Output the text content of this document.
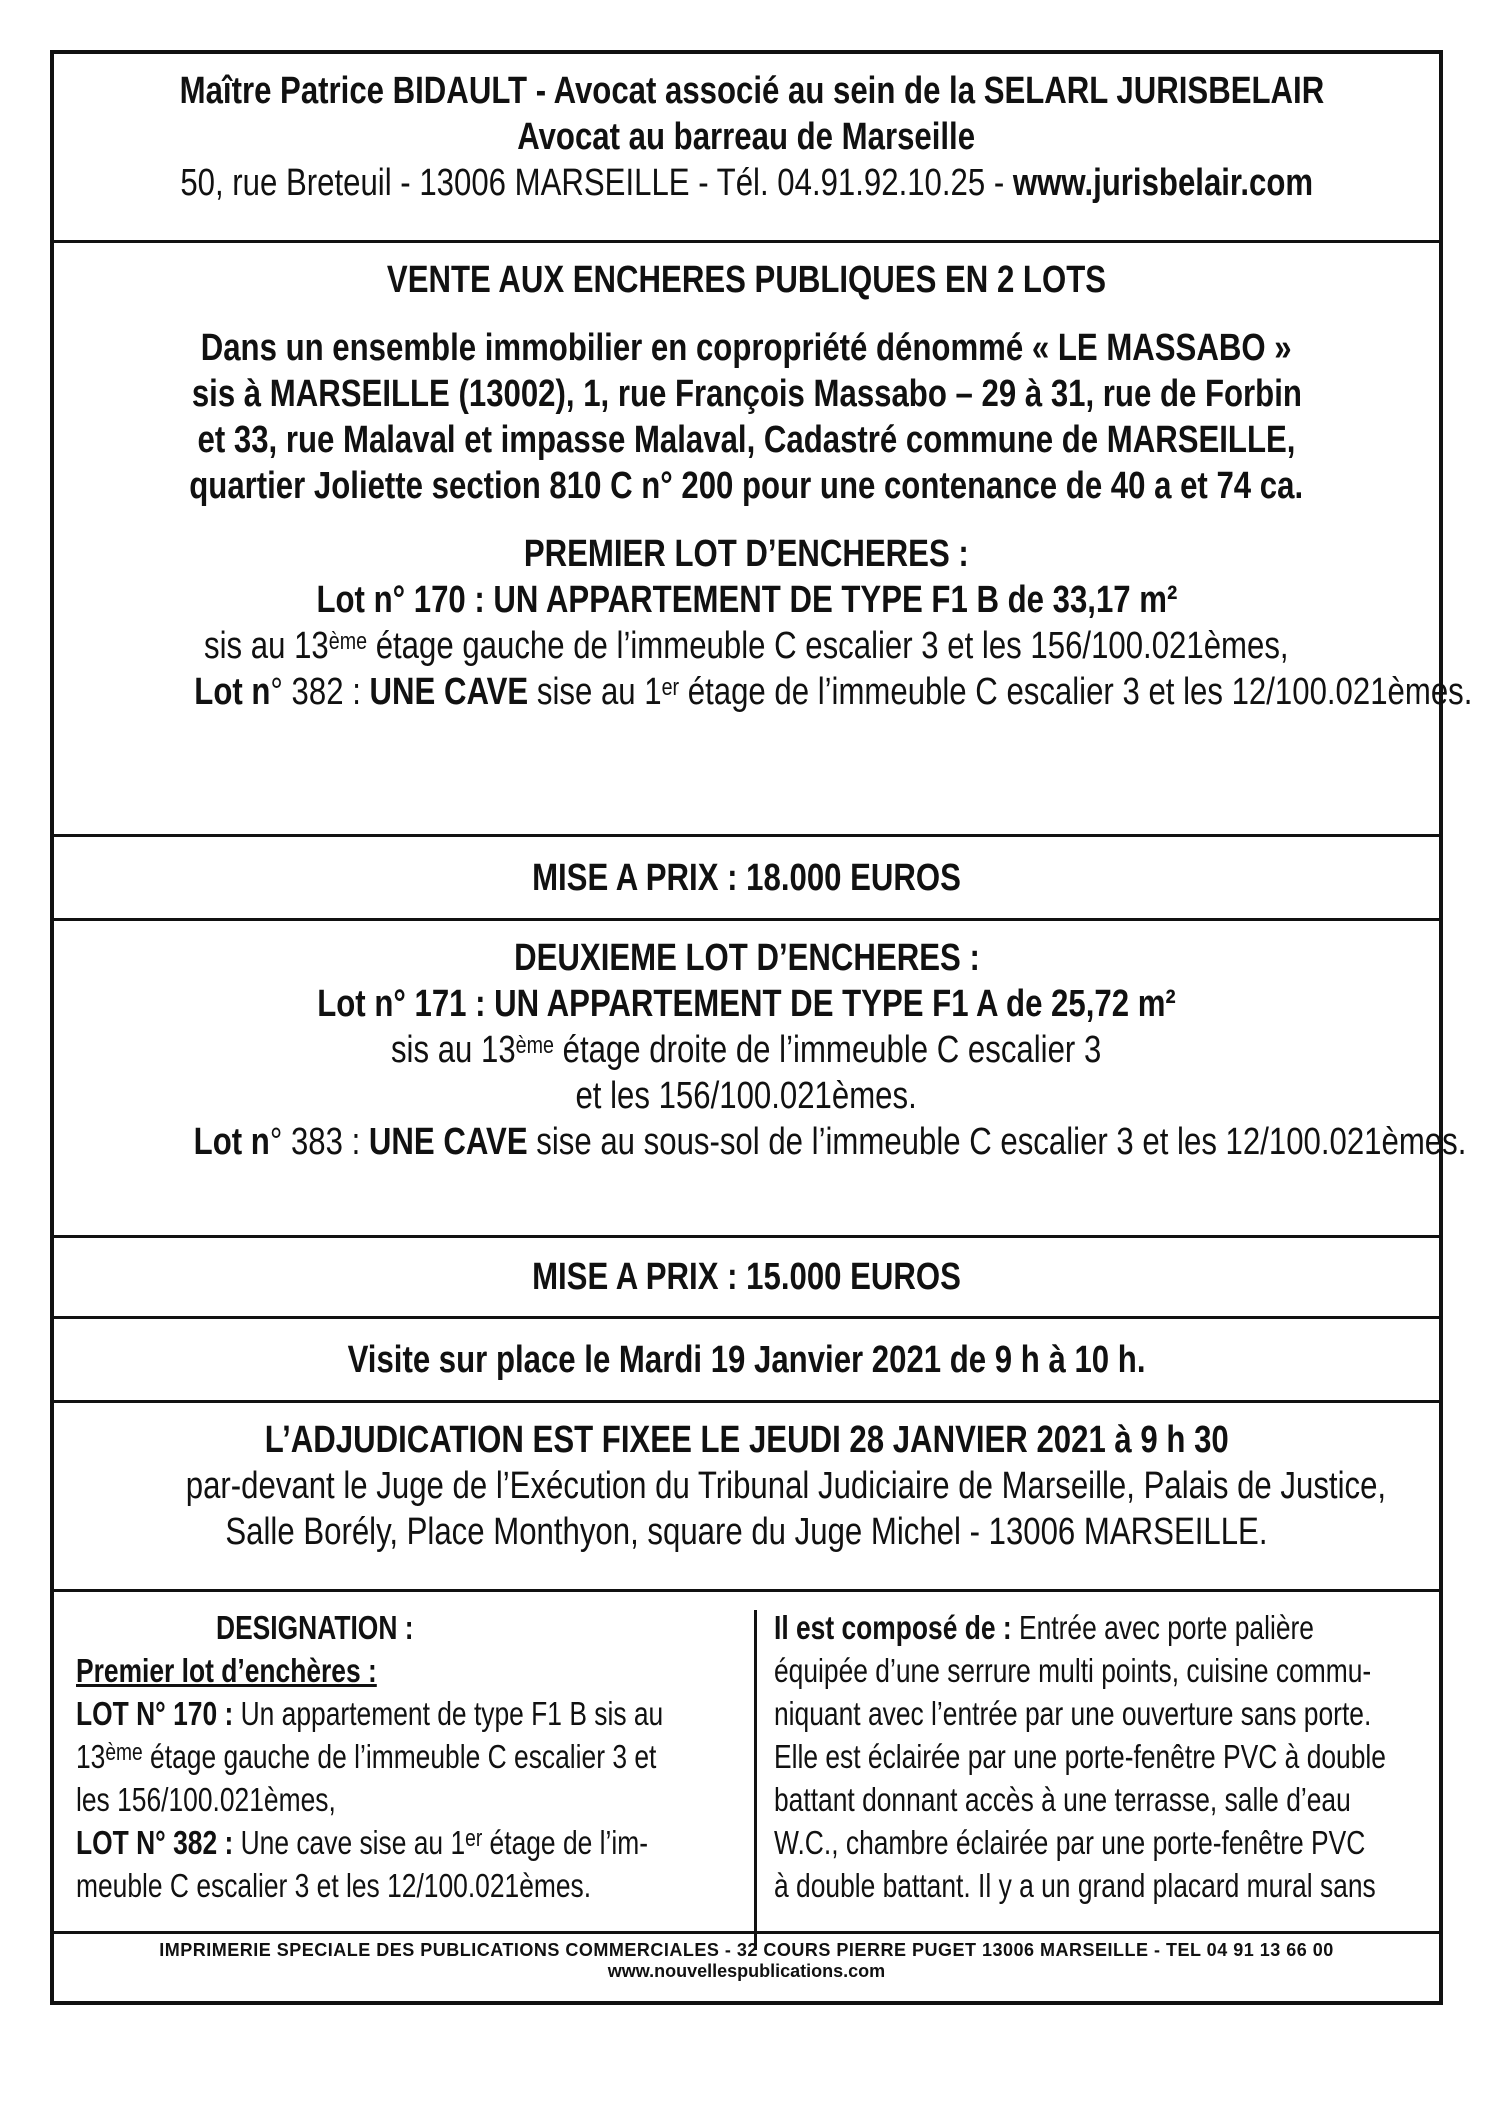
Maître Patrice BIDAULT - Avocat associé au sein de la SELARL JURISBELAIR
Avocat au barreau de Marseille
50, rue Breteuil - 13006 MARSEILLE - Tél. 04.91.92.10.25 - www.jurisbelair.com
VENTE AUX ENCHERES PUBLIQUES EN 2 LOTS
Dans un ensemble immobilier en copropriété dénommé « LE MASSABO »
sis à MARSEILLE (13002), 1, rue François Massabo – 29 à 31, rue de Forbin
et 33, rue Malaval et impasse Malaval, Cadastré commune de MARSEILLE,
quartier Joliette section 810 C n° 200 pour une contenance de 40 a et 74 ca.
PREMIER LOT D’ENCHERES :
Lot n° 170 : UN APPARTEMENT DE TYPE F1 B de 33,17 m²
sis au 13ème étage gauche de l’immeuble C escalier 3 et les 156/100.021èmes,
Lot n° 382 : UNE CAVE sise au 1er étage de l’immeuble C escalier 3 et les 12/100.021èmes.
MISE A PRIX : 18.000 EUROS
DEUXIEME LOT D’ENCHERES :
Lot n° 171 : UN APPARTEMENT DE TYPE F1 A de 25,72 m²
sis au 13ème étage droite de l’immeuble C escalier 3
et les 156/100.021èmes.
Lot n° 383 : UNE CAVE sise au sous-sol de l’immeuble C escalier 3 et les 12/100.021èmes.
MISE A PRIX : 15.000 EUROS
Visite sur place le Mardi 19 Janvier 2021 de 9 h à 10 h.
L’ADJUDICATION EST FIXEE LE JEUDI 28 JANVIER 2021 à 9 h 30
par-devant le Juge de l’Exécution du Tribunal Judiciaire de Marseille, Palais de Justice,
Salle Borély, Place Monthyon, square du Juge Michel - 13006 MARSEILLE.
DESIGNATION :
Premier lot d’enchères :
LOT N° 170 : Un appartement de type F1 B sis au
13ème étage gauche de l’immeuble C escalier 3 et
les 156/100.021èmes,
LOT N° 382 : Une cave sise au 1er étage de l’im-
meuble C escalier 3 et les 12/100.021èmes.
Il est composé de : Entrée avec porte palière
équipée d’une serrure multi points, cuisine commu-
niquant avec l’entrée par une ouverture sans porte.
Elle est éclairée par une porte-fenêtre PVC à double
battant donnant accès à une terrasse, salle d’eau
W.C., chambre éclairée par une porte-fenêtre PVC
à double battant. Il y a un grand placard mural sans
IMPRIMERIE SPECIALE DES PUBLICATIONS COMMERCIALES - 32 COURS PIERRE PUGET 13006 MARSEILLE - TEL 04 91 13 66 00
www.nouvellespublications.com
